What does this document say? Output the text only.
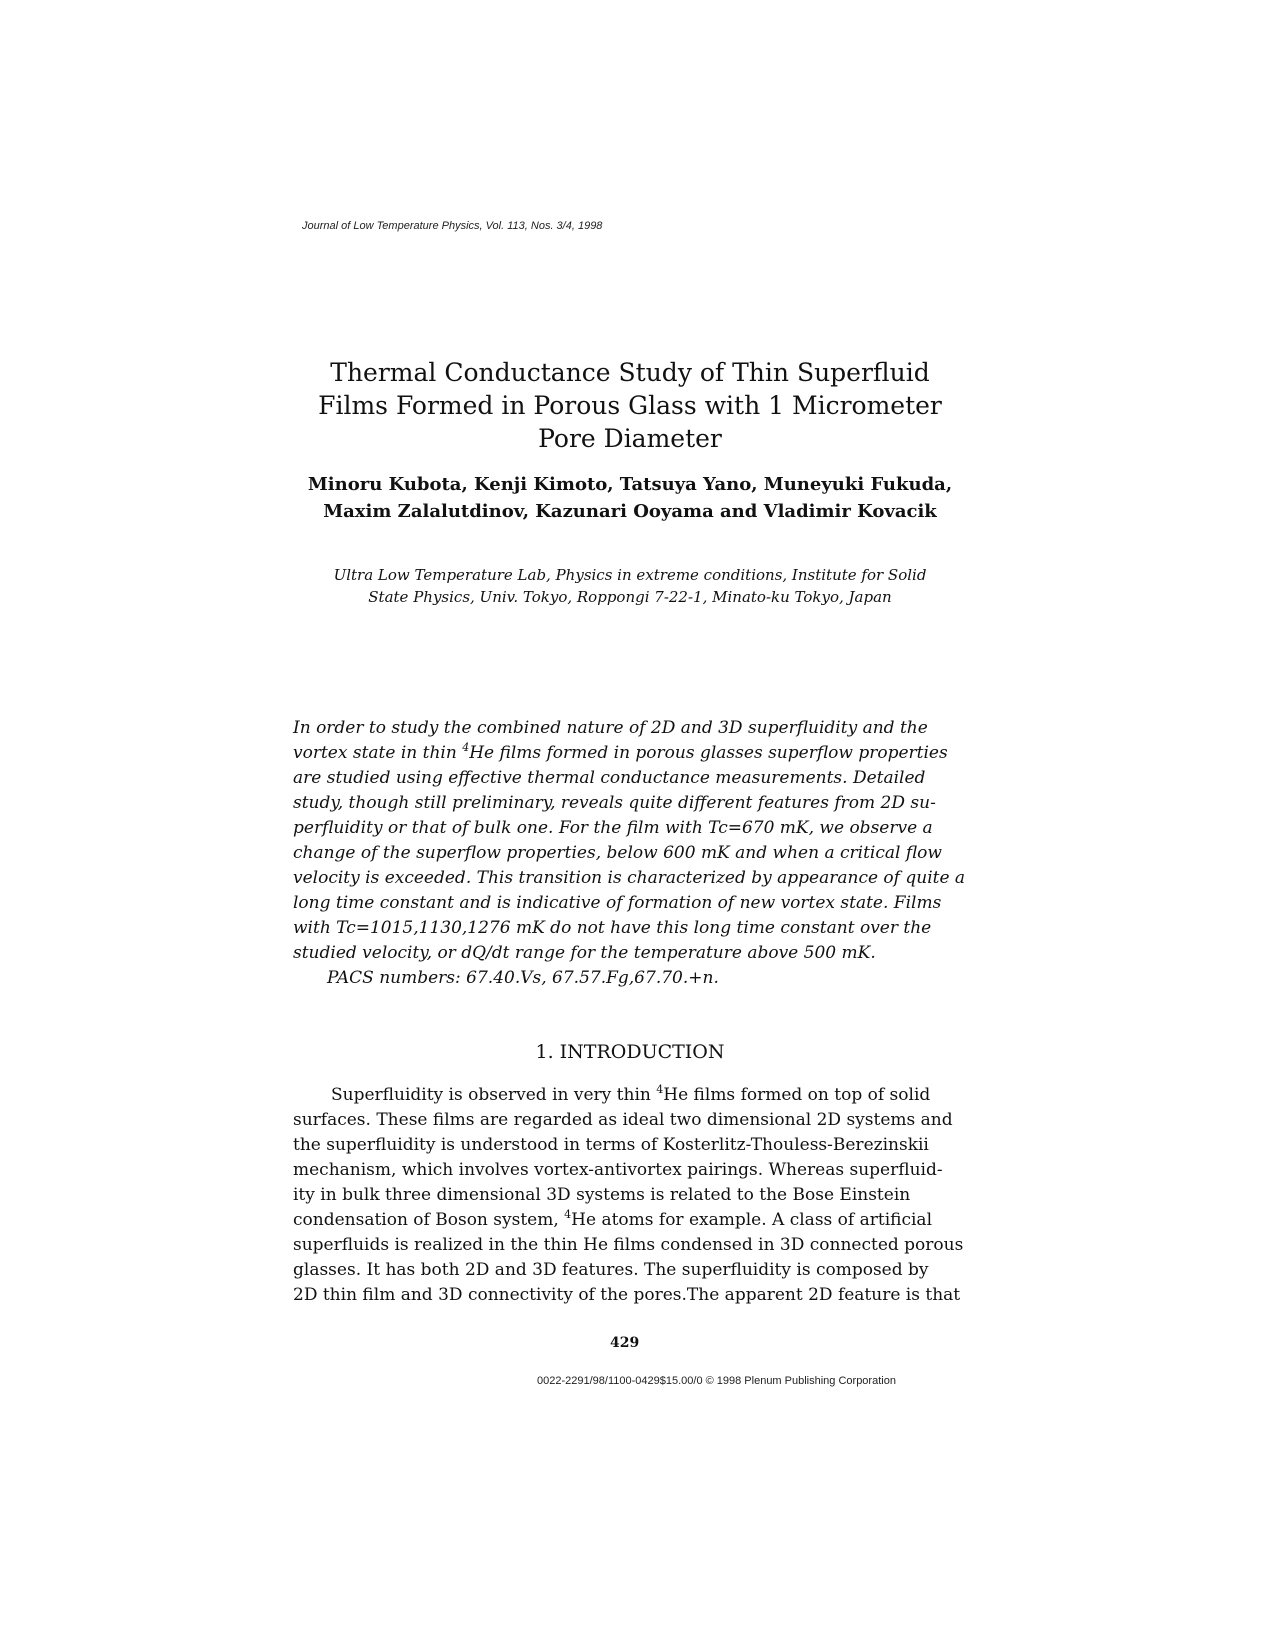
Journal of Low Temperature Physics, Vol. 113, Nos. 3/4, 1998
Thermal Conductance Study of Thin Superfluid
Films Formed in Porous Glass with 1 Micrometer
Pore Diameter
Minoru Kubota, Kenji Kimoto, Tatsuya Yano, Muneyuki Fukuda,
Maxim Zalalutdinov, Kazunari Ooyama and Vladimir Kovacik
Ultra Low Temperature Lab, Physics in extreme conditions, Institute for Solid
State Physics, Univ. Tokyo, Roppongi 7-22-1, Minato-ku Tokyo, Japan
In order to study the combined nature of 2D and 3D superfluidity and the
vortex state in thin $^4$He films formed in porous glasses superflow properties
are studied using effective thermal conductance measurements. Detailed
study, though still preliminary, reveals quite different features from 2D su-
perfluidity or that of bulk one. For the film with Tc=670 mK, we observe a
change of the superflow properties, below 600 mK and when a critical flow
velocity is exceeded. This transition is characterized by appearance of quite a
long time constant and is indicative of formation of new vortex state. Films
with Tc=1015,1130,1276 mK do not have this long time constant over the
studied velocity, or dQ/dt range for the temperature above 500 mK.
PACS numbers: 67.40.Vs, 67.57.Fg,67.70.+n.
1. INTRODUCTION
Superfluidity is observed in very thin $^4$He films formed on top of solid
surfaces. These films are regarded as ideal two dimensional 2D systems and
the superfluidity is understood in terms of Kosterlitz-Thouless-Berezinskii
mechanism, which involves vortex-antivortex pairings. Whereas superfluid-
ity in bulk three dimensional 3D systems is related to the Bose Einstein
condensation of Boson system, $^4$He atoms for example. A class of artificial
superfluids is realized in the thin He films condensed in 3D connected porous
glasses. It has both 2D and 3D features. The superfluidity is composed by
2D thin film and 3D connectivity of the pores.The apparent 2D feature is that
429
0022-2291/98/1100-0429$15.00/0 © 1998 Plenum Publishing Corporation
